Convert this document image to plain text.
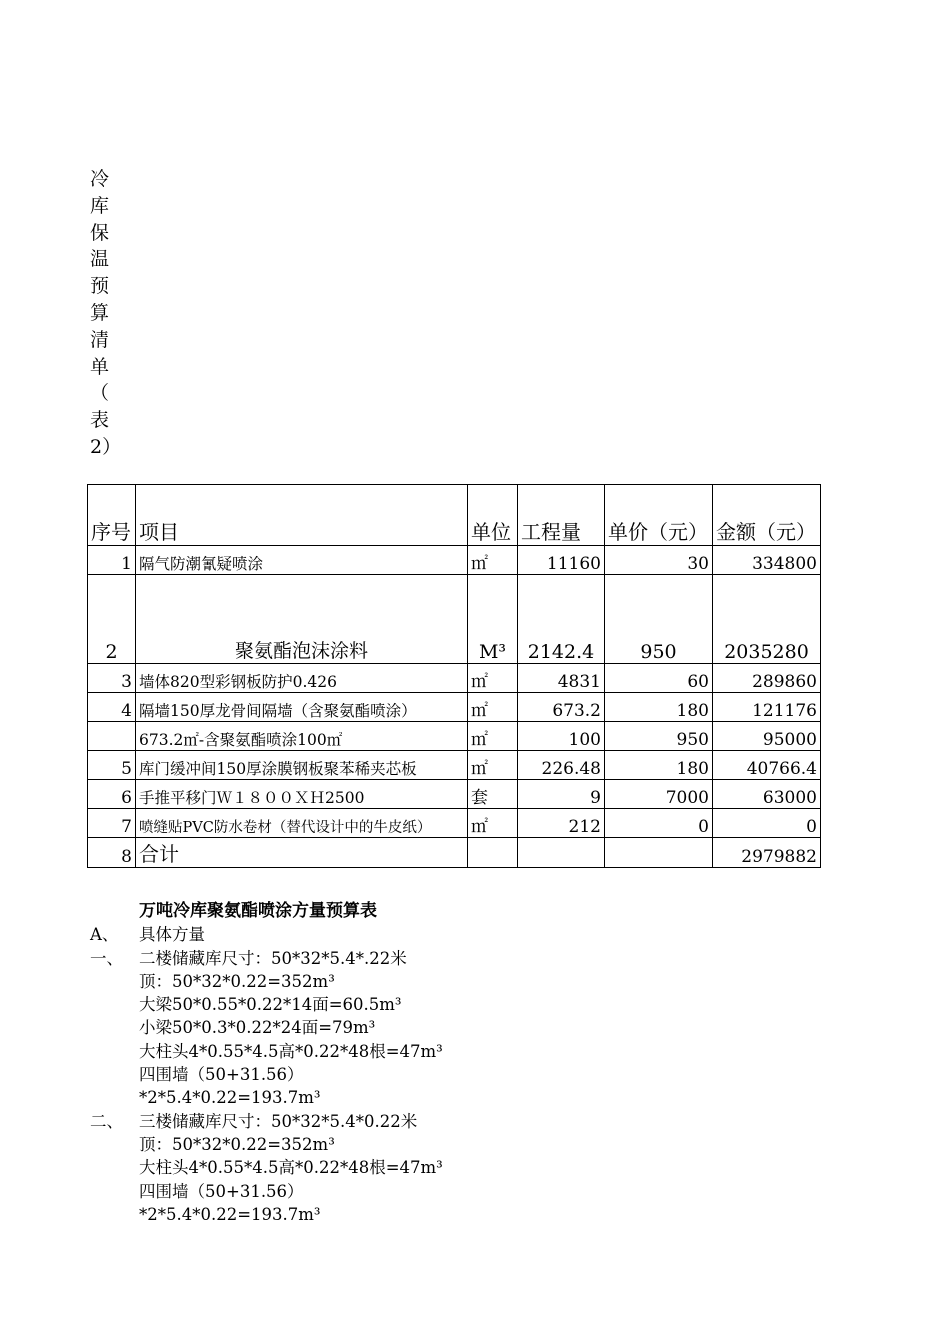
冷
库
保
温
预
算
清
单
（
表
2）
序号	项目	单位	工程量	单价（元）	金额（元）
1	隔气防潮氰疑喷涂	㎡	11160	30	334800
2	聚氨酯泡沫涂料	M³	2142.4	950	2035280
3	墙体820型彩钢板防护0.426	㎡	4831	60	289860
4	隔墙150厚龙骨间隔墙（含聚氨酯喷涂）	㎡	673.2	180	121176
	673.2㎡-含聚氨酯喷涂100㎡	㎡	100	950	95000
5	库门缓冲间150厚涂膜钢板聚苯稀夹芯板	㎡	226.48	180	40766.4
6	手推平移门Ｗ１８００ＸＨ2500	套	9	7000	63000
7	喷缝贴PVC防水卷材（替代设计中的牛皮纸）	㎡	212	0	0
8	合计				2979882
万吨冷库聚氨酯喷涂方量预算表
A、 具体方量
一、 二楼储藏库尺寸：50*32*5.4*.22米
顶：50*32*0.22=352m³
大梁50*0.55*0.22*14面=60.5m³
小梁50*0.3*0.22*24面=79m³
大柱头4*0.55*4.5高*0.22*48根=47m³
四围墙（50+31.56）
*2*5.4*0.22=193.7m³
二、 三楼储藏库尺寸：50*32*5.4*0.22米
顶：50*32*0.22=352m³
大柱头4*0.55*4.5高*0.22*48根=47m³
四围墙（50+31.56）
*2*5.4*0.22=193.7m³
